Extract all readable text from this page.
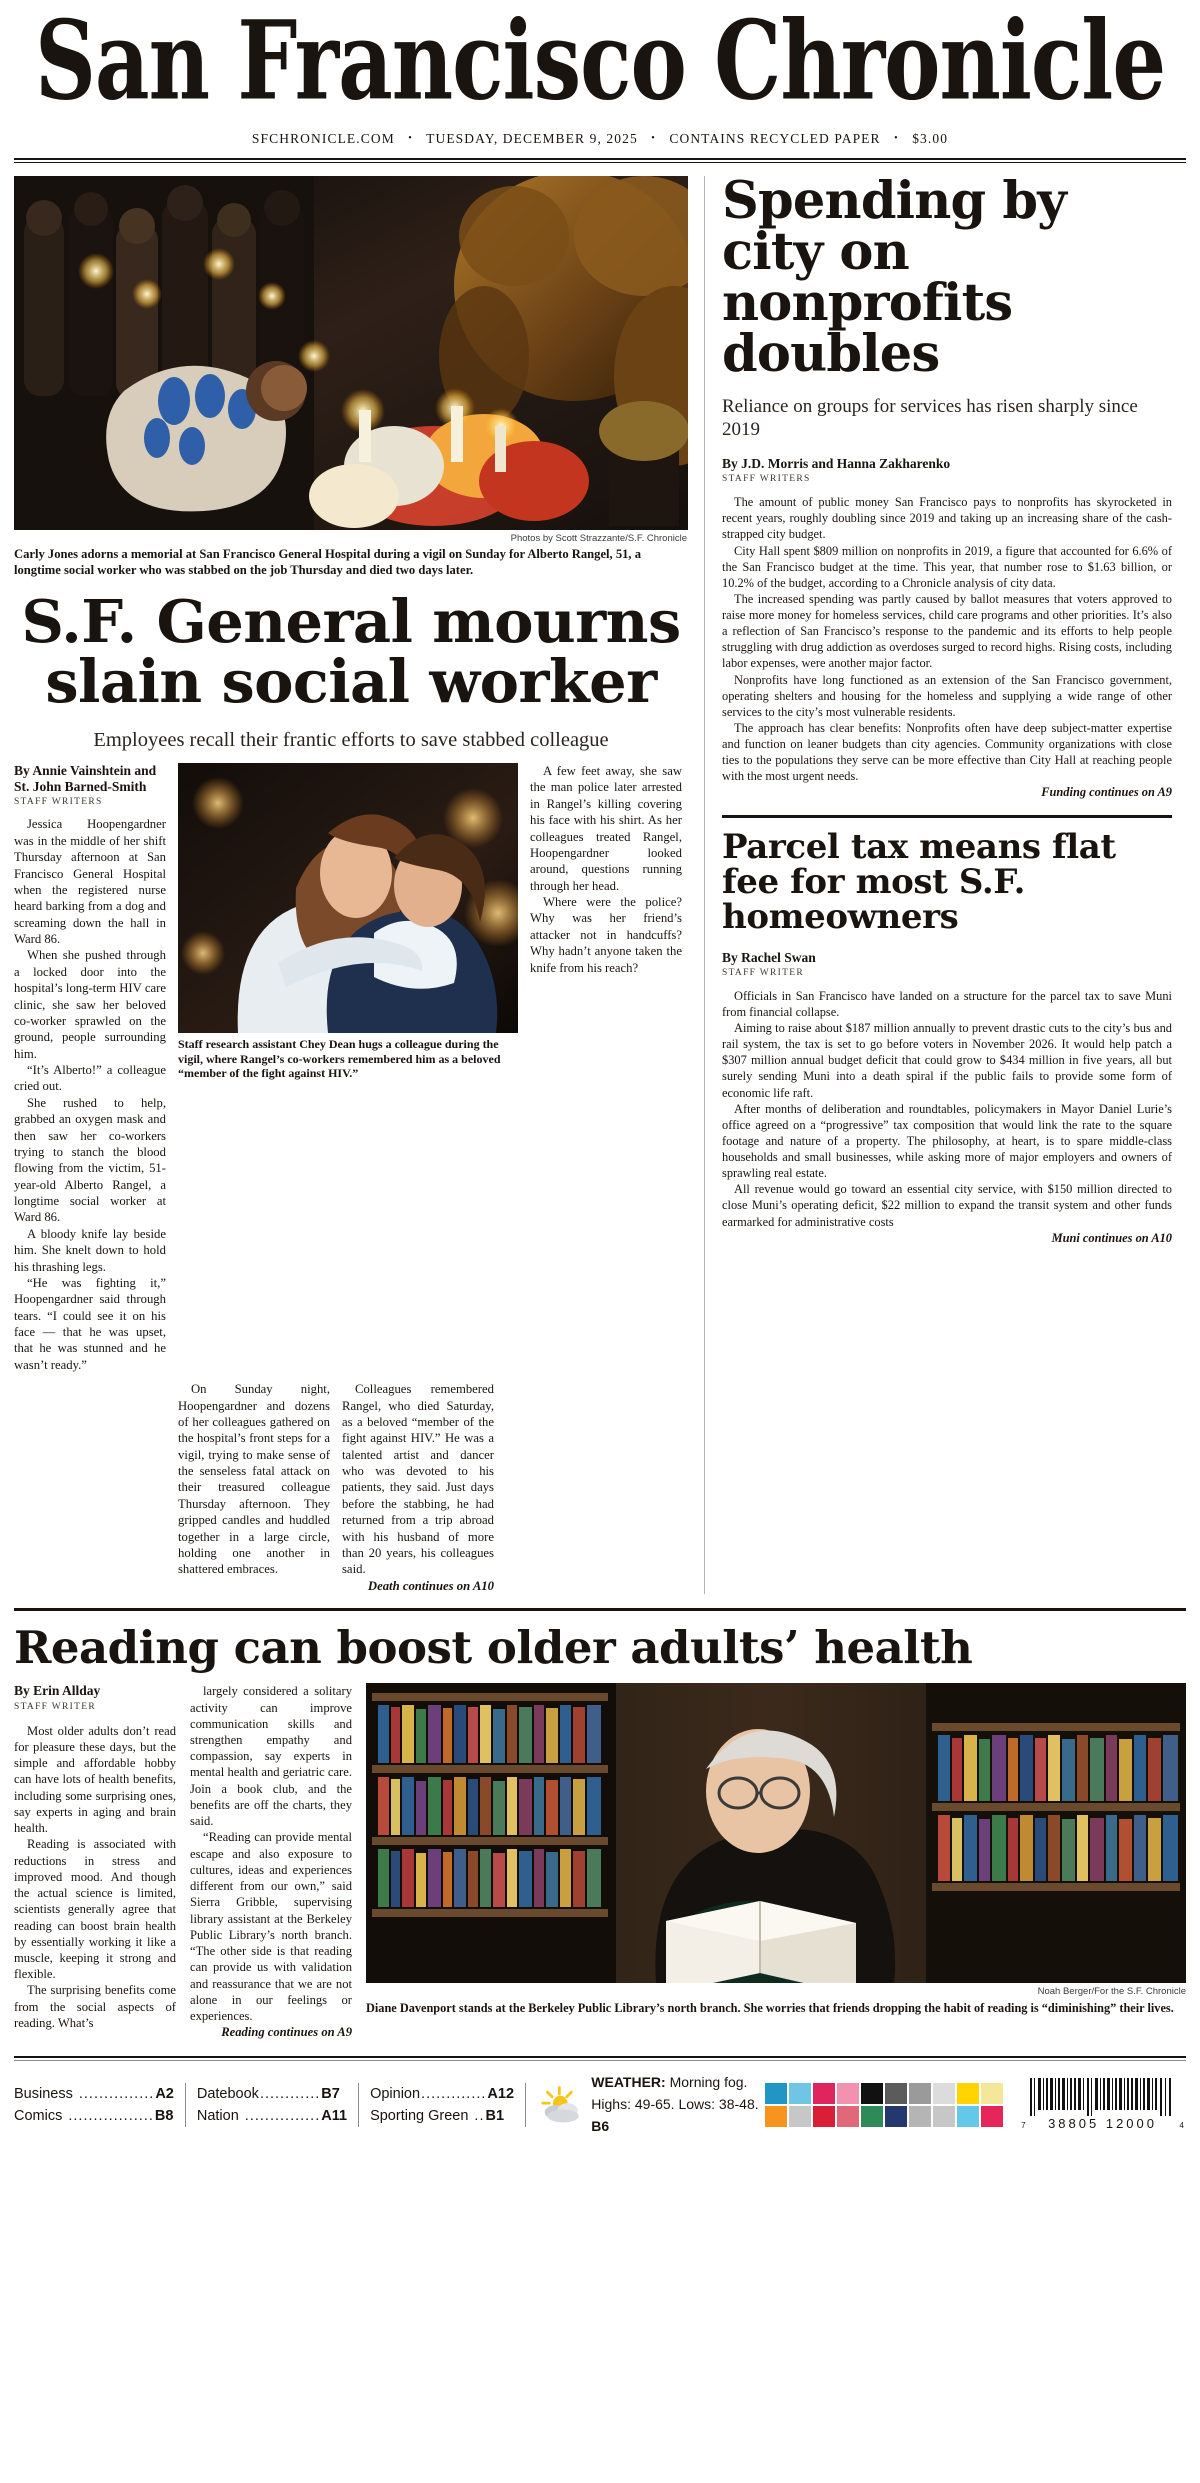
San Francisco Chronicle
SFCHRONICLE.COM • TUESDAY, DECEMBER 9, 2025 • CONTAINS RECYCLED PAPER • $3.00
Photos by Scott Strazzante/S.F. Chronicle
Carly Jones adorns a memorial at San Francisco General Hospital during a vigil on Sunday for Alberto Rangel, 51, a longtime social worker who was stabbed on the job Thursday and died two days later.
S.F. General mourns
slain social worker
Employees recall their frantic efforts to save stabbed colleague
By Annie Vainshtein and St. John Barned-Smith
STAFF WRITERS

Jessica Hoopengardner was in the middle of her shift Thursday afternoon at San Francisco General Hospital when the registered nurse heard barking from a dog and screaming down the hall in Ward 86.

When she pushed through a locked door into the hospital’s long-term HIV care clinic, she saw her beloved co-worker sprawled on the ground, people surrounding him.

“It’s Alberto!” a colleague cried out.

She rushed to help, grabbed an oxygen mask and then saw her co-workers trying to stanch the blood flowing from the victim, 51-year-old Alberto Rangel, a longtime social worker at Ward 86.

A bloody knife lay beside him. She knelt down to hold his thrashing legs.

“He was fighting it,” Hoopengardner said through tears. “I could see it on his face — that he was upset, that he was stunned and he wasn’t ready.”

Staff research assistant Chey Dean hugs a colleague during the vigil, where Rangel’s co-workers remembered him as a beloved “member of the fight against HIV.”

A few feet away, she saw the man police later arrested in Rangel’s killing covering his face with his shirt. As her colleagues treated Rangel, Hoopengardner looked around, questions running through her head.

Where were the police? Why was her friend’s attacker not in handcuffs? Why hadn’t anyone taken the knife from his reach?

On Sunday night, Hoopengardner and dozens of her colleagues gathered on the hospital’s front steps for a vigil, trying to make sense of the senseless fatal attack on their treasured colleague Thursday afternoon. They gripped candles and huddled together in a large circle, holding one another in shattered embraces.

Colleagues remembered Rangel, who died Saturday, as a beloved “member of the fight against HIV.” He was a talented artist and dancer who was devoted to his patients, they said. Just days before the stabbing, he had returned from a trip abroad with his husband of more than 20 years, his colleagues said.

Death continues on A10

Spending by city on nonprofits doubles
Reliance on groups for services has risen sharply since 2019
By J.D. Morris and Hanna Zakharenko
STAFF WRITERS

The amount of public money San Francisco pays to nonprofits has skyrocketed in recent years, roughly doubling since 2019 and taking up an increasing share of the cash-strapped city budget.

City Hall spent $809 million on nonprofits in 2019, a figure that accounted for 6.6% of the San Francisco budget at the time. This year, that number rose to $1.63 billion, or 10.2% of the budget, according to a Chronicle analysis of city data.

The increased spending was partly caused by ballot measures that voters approved to raise more money for homeless services, child care programs and other priorities. It’s also a reflection of San Francisco’s response to the pandemic and its efforts to help people struggling with drug addiction as overdoses surged to record highs. Rising costs, including labor expenses, were another major factor.

Nonprofits have long functioned as an extension of the San Francisco government, operating shelters and housing for the homeless and supplying a wide range of other services to the city’s most vulnerable residents.

The approach has clear benefits: Nonprofits often have deep subject-matter expertise and function on leaner budgets than city agencies. Community organizations with close ties to the populations they serve can be more effective than City Hall at reaching people with the most urgent needs.

Funding continues on A9

Parcel tax means flat fee for most S.F. homeowners
By Rachel Swan
STAFF WRITER

Officials in San Francisco have landed on a structure for the parcel tax to save Muni from financial collapse.

Aiming to raise about $187 million annually to prevent drastic cuts to the city’s bus and rail system, the tax is set to go before voters in November 2026. It would help patch a $307 million annual budget deficit that could grow to $434 million in five years, all but surely sending Muni into a death spiral if the public fails to provide some form of economic life raft.

After months of deliberation and roundtables, policymakers in Mayor Daniel Lurie’s office agreed on a “progressive” tax composition that would link the rate to the square footage and nature of a property. The philosophy, at heart, is to spare middle-class households and small businesses, while asking more of major employers and owners of sprawling real estate.

All revenue would go toward an essential city service, with $150 million directed to close Muni’s operating deficit, $22 million to expand the transit system and other funds earmarked for administrative costs

Muni continues on A10

Reading can boost older adults’ health
By Erin Allday
STAFF WRITER

Most older adults don’t read for pleasure these days, but the simple and affordable hobby can have lots of health benefits, including some surprising ones, say experts in aging and brain health.

Reading is associated with reductions in stress and improved mood. And though the actual science is limited, scientists generally agree that reading can boost brain health by essentially working it like a muscle, keeping it strong and flexible.

The surprising benefits come from the social aspects of reading. What’s

largely considered a solitary activity can improve communication skills and strengthen empathy and compassion, say experts in mental health and geriatric care. Join a book club, and the benefits are off the charts, they said.

“Reading can provide mental escape and also exposure to cultures, ideas and experiences different from our own,” said Sierra Gribble, supervising library assistant at the Berkeley Public Library’s north branch. “The other side is that reading can provide us with validation and reassurance that we are not alone in our feelings or experiences.

Reading continues on A9

Noah Berger/For the S.F. Chronicle
Diane Davenport stands at the Berkeley Public Library’s north branch. She worries that friends dropping the habit of reading is “diminishing” their lives.
Business ............... A2
Comics ................. B8
Datebook ............ B7
Nation ............... A11
Opinion ............. A12
Sporting Green .. B1
WEATHER: Morning fog.
Highs: 49-65. Lows: 38-48. B6	7 38805 12000	4
